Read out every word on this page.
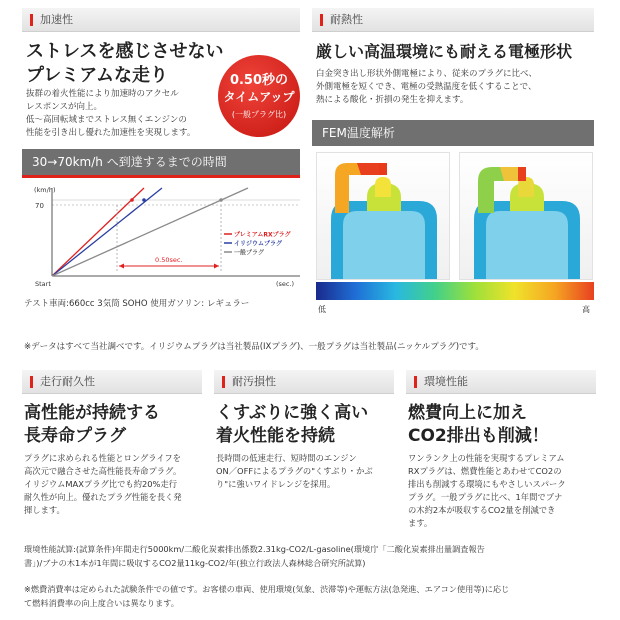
加速性
ストレスを感じさせない
プレミアムな走り
抜群の着火性能により加速時のアクセル
レスポンスが向上。
低～高回転域までストレス無くエンジンの
性能を引き出し優れた加速性を実現します。
0.50秒の
タイムアップ
(一般プラグ比)
30→70km/h へ到達するまでの時間
(km/h)
70
0.50sec.
プレミアムRXプラグ
イリジウムプラグ
一般プラグ
Start	(sec.)
テスト車両:660cc 3気筒 SOHO 使用ガソリン: レギュラー
耐熱性
厳しい高温環境にも耐える電極形状
白金突き出し形状外側電極により、従来のプラグに比べ、
外側電極を短くでき、電極の受熱温度を低くすることで、
熱による酸化・折損の発生を抑えます。
FEM温度解析
低	高
※データはすべて当社調べです。イリジウムプラグは当社製品(IXプラグ)、一般プラグは当社製品(ニッケルプラグ)です。
走行耐久性
高性能が持続する
長寿命プラグ
プラグに求められる性能とロングライフを
高次元で融合させた高性能長寿命プラグ。
イリジウムMAXプラグ比でも約20%走行
耐久性が向上。優れたプラグ性能を長く発
揮します。
耐汚損性
くすぶりに強く高い
着火性能を持続
長時間の低速走行、短時間のエンジン
ON／OFFによるプラグの"くすぶり・かぶ
り"に強いワイドレンジを採用。
環境性能
燃費向上に加え
CO2排出も削減！
ワンランク上の性能を実現するプレミアム
RXプラグは、燃費性能とあわせてCO2の
排出も削減する環境にもやさしいスパーク
プラグ。一般プラグに比べ、1年間でブナ
の木約2本が吸収するCO2量を削減でき
ます。
環境性能試算:(試算条件)年間走行5000km/二酸化炭素排出係数2.31kg-CO2/L-gasoline(環境庁「二酸化炭素排出量調査報告
書」)/ブナの木1本が1年間に吸収するCO2量11kg-CO2/年(独立行政法人森林総合研究所試算)
※燃費消費率は定められた試験条件での値です。お客様の車両、使用環境(気象、渋滞等)や運転方法(急発進、エアコン使用等)に応じ
て燃料消費率の向上度合いは異なります。
